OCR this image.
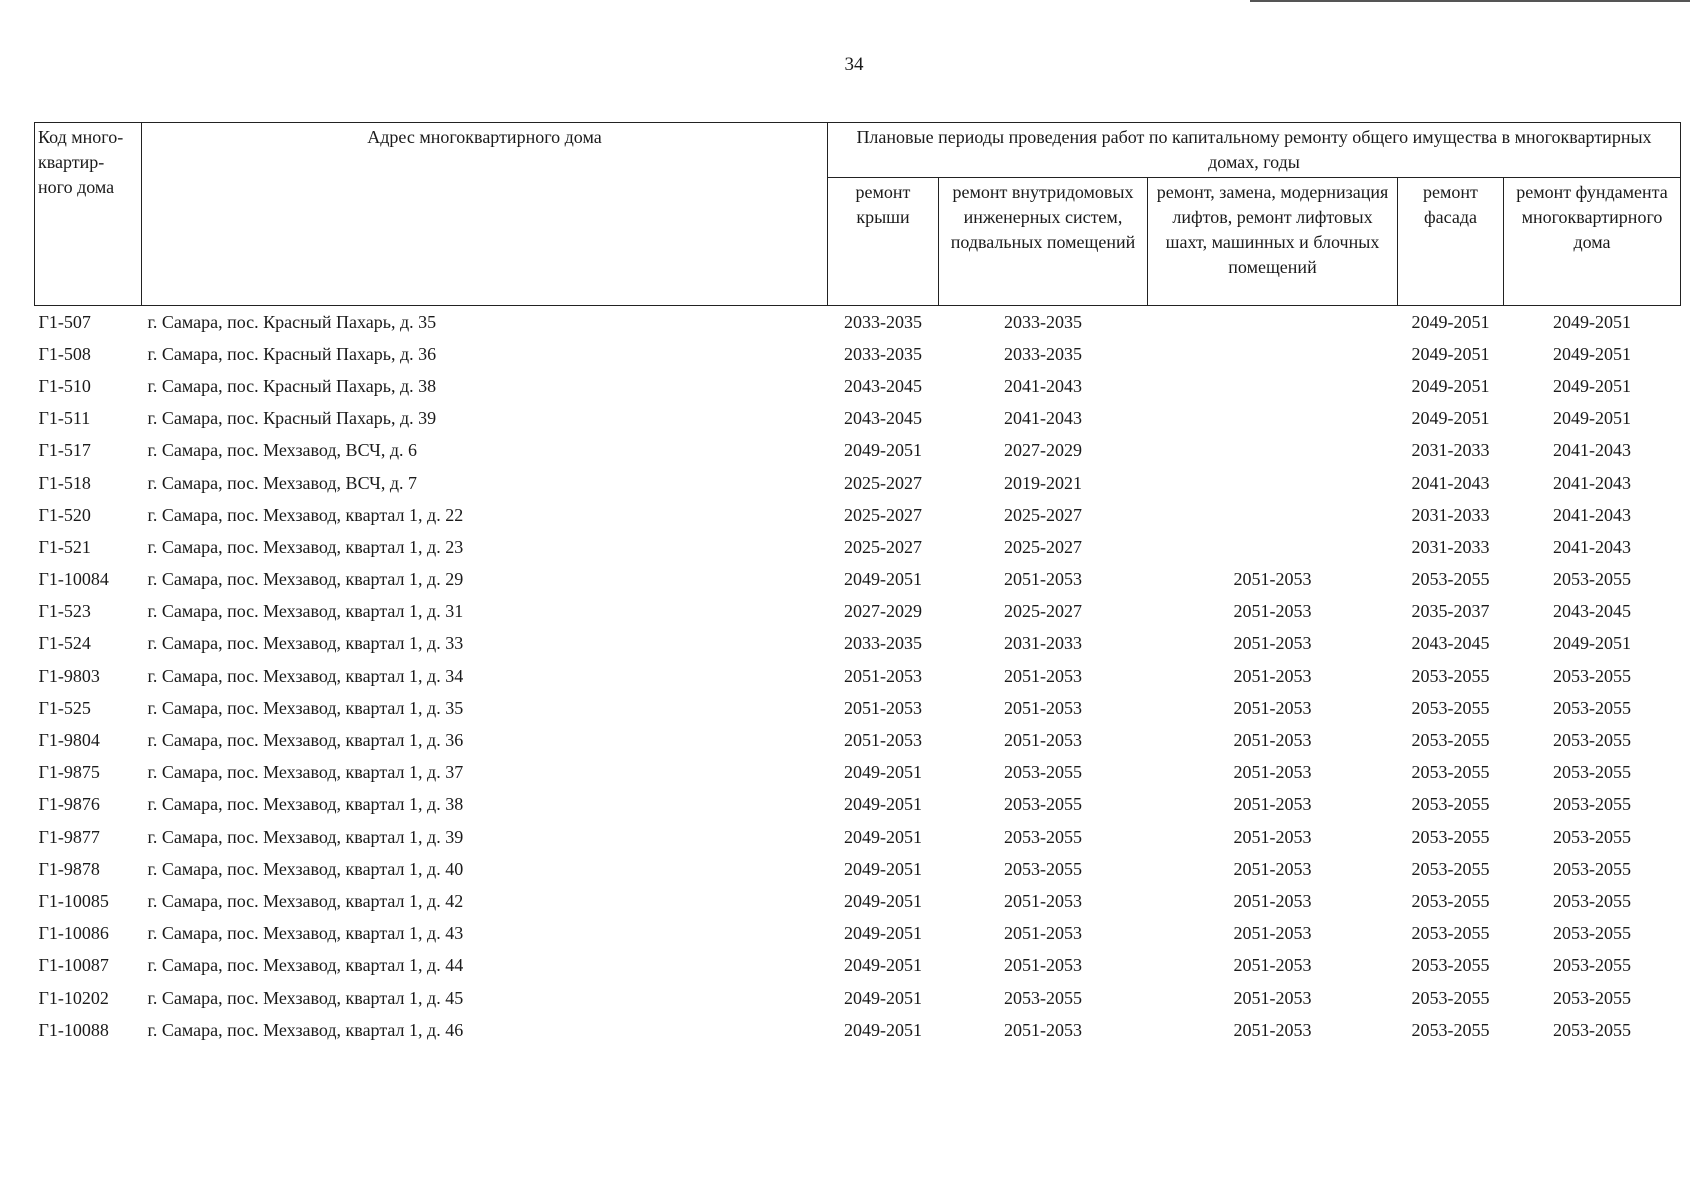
34
Код много-квартир-ного дома	Адрес многоквартирного дома	Плановые периоды проведения работ по капитальному ремонту общего имущества в многоквартирных домах, годы				
		ремонт крыши	ремонт внутридомовых инженерных систем, подвальных помещений	ремонт, замена, модернизация лифтов, ремонт лифтовых шахт, машинных и блочных помещений	ремонт фасада	ремонт фундамента многоквартирного дома
Г1-507	г. Самара, пос. Красный Пахарь, д. 35	2033-2035	2033-2035		2049-2051	2049-2051
Г1-508	г. Самара, пос. Красный Пахарь, д. 36	2033-2035	2033-2035		2049-2051	2049-2051
Г1-510	г. Самара, пос. Красный Пахарь, д. 38	2043-2045	2041-2043		2049-2051	2049-2051
Г1-511	г. Самара, пос. Красный Пахарь, д. 39	2043-2045	2041-2043		2049-2051	2049-2051
Г1-517	г. Самара, пос. Мехзавод, ВСЧ, д. 6	2049-2051	2027-2029		2031-2033	2041-2043
Г1-518	г. Самара, пос. Мехзавод, ВСЧ, д. 7	2025-2027	2019-2021		2041-2043	2041-2043
Г1-520	г. Самара, пос. Мехзавод, квартал 1, д. 22	2025-2027	2025-2027		2031-2033	2041-2043
Г1-521	г. Самара, пос. Мехзавод, квартал 1, д. 23	2025-2027	2025-2027		2031-2033	2041-2043
Г1-10084	г. Самара, пос. Мехзавод, квартал 1, д. 29	2049-2051	2051-2053	2051-2053	2053-2055	2053-2055
Г1-523	г. Самара, пос. Мехзавод, квартал 1, д. 31	2027-2029	2025-2027	2051-2053	2035-2037	2043-2045
Г1-524	г. Самара, пос. Мехзавод, квартал 1, д. 33	2033-2035	2031-2033	2051-2053	2043-2045	2049-2051
Г1-9803	г. Самара, пос. Мехзавод, квартал 1, д. 34	2051-2053	2051-2053	2051-2053	2053-2055	2053-2055
Г1-525	г. Самара, пос. Мехзавод, квартал 1, д. 35	2051-2053	2051-2053	2051-2053	2053-2055	2053-2055
Г1-9804	г. Самара, пос. Мехзавод, квартал 1, д. 36	2051-2053	2051-2053	2051-2053	2053-2055	2053-2055
Г1-9875	г. Самара, пос. Мехзавод, квартал 1, д. 37	2049-2051	2053-2055	2051-2053	2053-2055	2053-2055
Г1-9876	г. Самара, пос. Мехзавод, квартал 1, д. 38	2049-2051	2053-2055	2051-2053	2053-2055	2053-2055
Г1-9877	г. Самара, пос. Мехзавод, квартал 1, д. 39	2049-2051	2053-2055	2051-2053	2053-2055	2053-2055
Г1-9878	г. Самара, пос. Мехзавод, квартал 1, д. 40	2049-2051	2053-2055	2051-2053	2053-2055	2053-2055
Г1-10085	г. Самара, пос. Мехзавод, квартал 1, д. 42	2049-2051	2051-2053	2051-2053	2053-2055	2053-2055
Г1-10086	г. Самара, пос. Мехзавод, квартал 1, д. 43	2049-2051	2051-2053	2051-2053	2053-2055	2053-2055
Г1-10087	г. Самара, пос. Мехзавод, квартал 1, д. 44	2049-2051	2051-2053	2051-2053	2053-2055	2053-2055
Г1-10202	г. Самара, пос. Мехзавод, квартал 1, д. 45	2049-2051	2053-2055	2051-2053	2053-2055	2053-2055
Г1-10088	г. Самара, пос. Мехзавод, квартал 1, д. 46	2049-2051	2051-2053	2051-2053	2053-2055	2053-2055
